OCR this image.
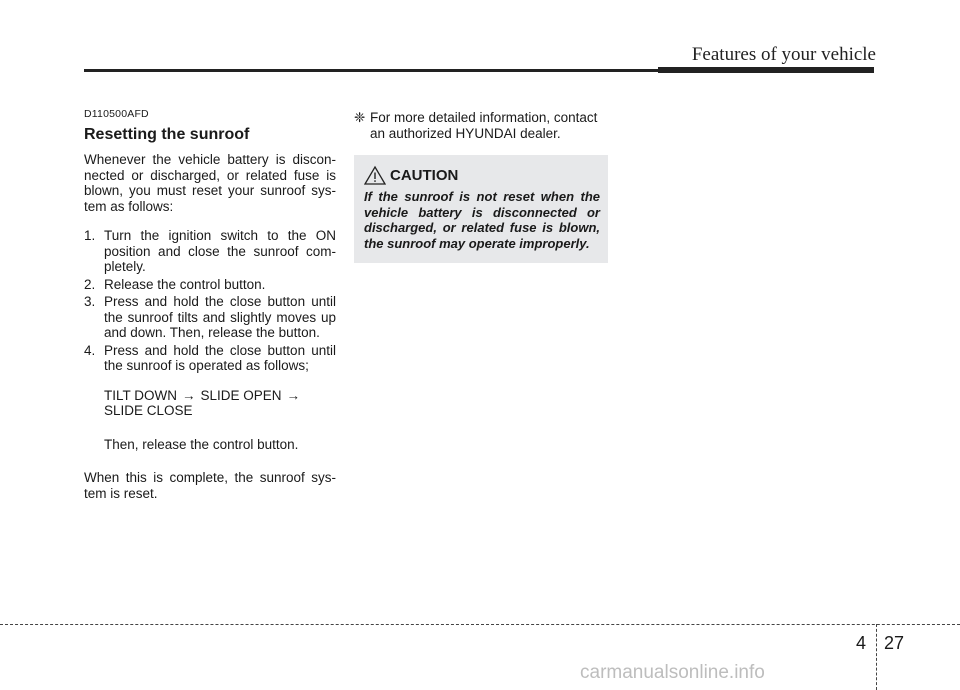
Features of your vehicle
D110500AFD
Resetting the sunroof

Whenever the vehicle battery is discon-nected or discharged, or related fuse is blown, you must reset your sunroof sys-tem as follows:

1. Turn the ignition switch to the ON position and close the sunroof com-pletely.
2. Release the control button.
3. Press and hold the close button until the sunroof tilts and slightly moves up and down. Then, release the button.
4. Press and hold the close button until the sunroof is operated as follows;
TILT DOWN → SLIDE OPEN →
SLIDE CLOSE
Then, release the control button.

When this is complete, the sunroof sys-tem is reset.

❈ For more detailed information, contact an authorized HYUNDAI dealer.
CAUTION
If the sunroof is not reset when the vehicle battery is disconnected or discharged, or related fuse is blown, the sunroof may operate improperly.
4 27
carmanualsonline.info
